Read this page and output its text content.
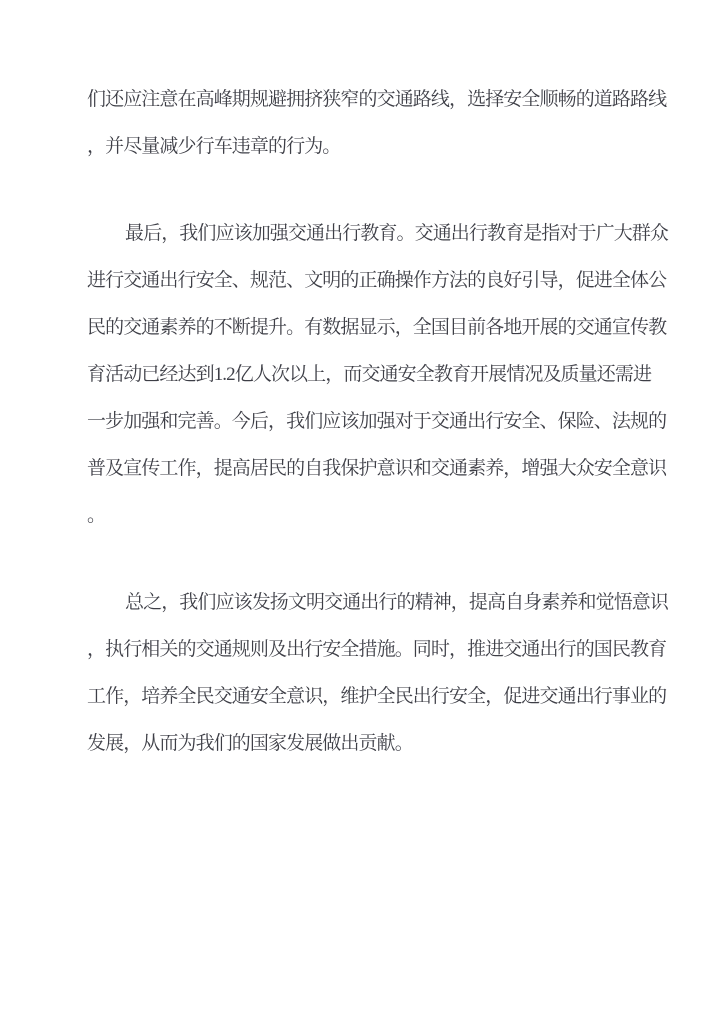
们还应注意在高峰期规避拥挤狭窄的交通路线，选择安全顺畅的道路路线
，并尽量减少行车违章的行为。
最后，我们应该加强交通出行教育。交通出行教育是指对于广大群众
进行交通出行安全、规范、文明的正确操作方法的良好引导，促进全体公
民的交通素养的不断提升。有数据显示，全国目前各地开展的交通宣传教
育活动已经达到1.2亿人次以上，而交通安全教育开展情况及质量还需进
一步加强和完善。今后，我们应该加强对于交通出行安全、保险、法规的
普及宣传工作，提高居民的自我保护意识和交通素养，增强大众安全意识
。
总之，我们应该发扬文明交通出行的精神，提高自身素养和觉悟意识
，执行相关的交通规则及出行安全措施。同时，推进交通出行的国民教育
工作，培养全民交通安全意识，维护全民出行安全，促进交通出行事业的
发展，从而为我们的国家发展做出贡献。
